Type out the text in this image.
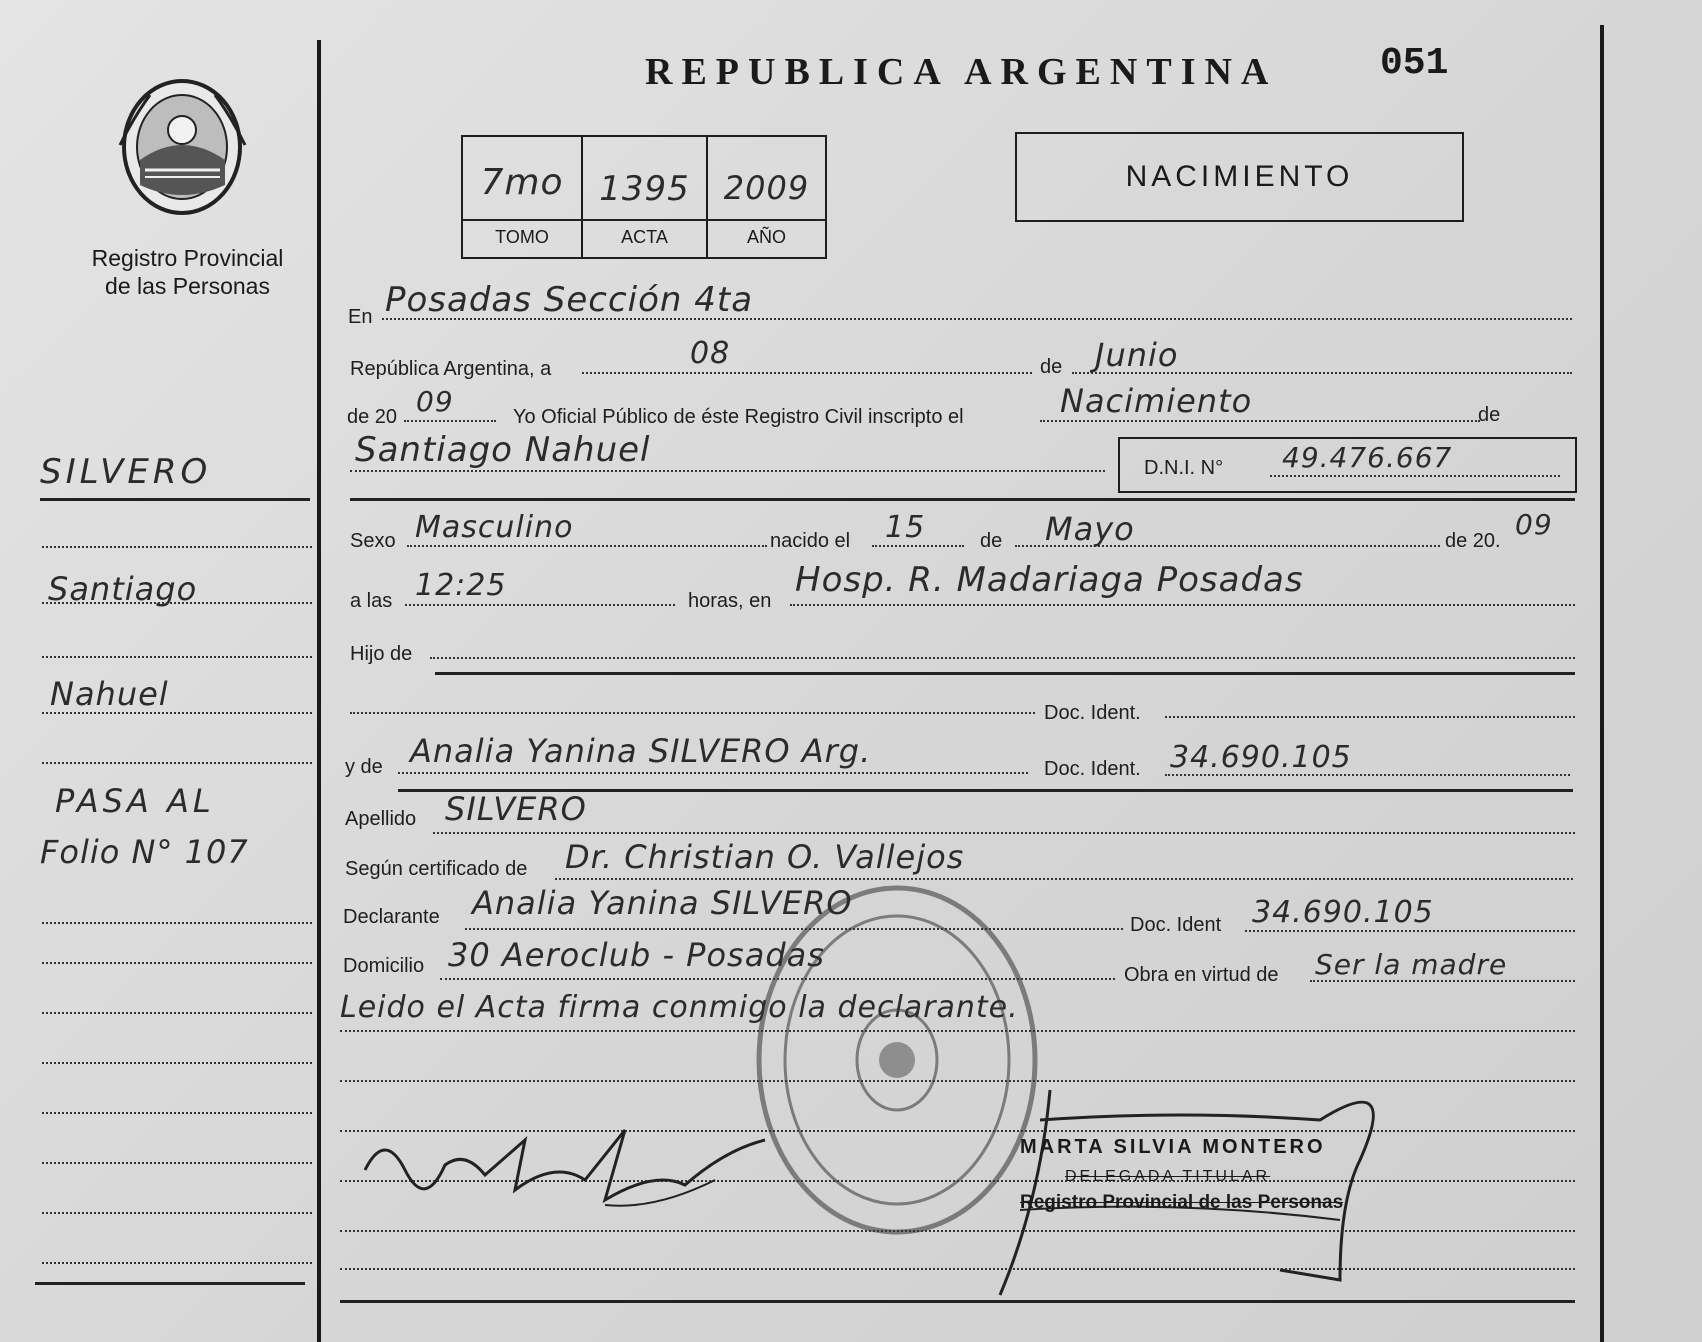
Registro Provincial
de las Personas
REPUBLICA ARGENTINA	051
7mo	1395	2009
TOMO	ACTA	AÑO
NACIMIENTO
En Posadas Sección 4ta
República Argentina, a	08	de Junio
de 20 09	Yo Oficial Público de éste Registro Civil inscripto el	Nacimiento	de
Santiago Nahuel	D.N.I. N° 49.476.667
Sexo Masculino	nacido el 15	de Mayo	de 20. 09
a las 12:25	horas, en
Hosp. R. Madariaga Posadas
Hijo de
Doc. Ident.
y de Analia Yanina SILVERO Arg.	Doc. Ident. 34.690.105
Apellido SILVERO
Según certificado de Dr. Christian O. Vallejos
Declarante Analia Yanina SILVERO
Doc. Ident 34.690.105
Domicilio 30 Aeroclub - Posadas
Obra en virtud de Ser la madre
Leido el Acta firma conmigo la declarante.
SILVERO
Santiago
Nahuel
PASA AL
Folio N° 107
MARTA SILVIA MONTERO
DELEGADA TITULAR
Registro Provincial de las Personas
